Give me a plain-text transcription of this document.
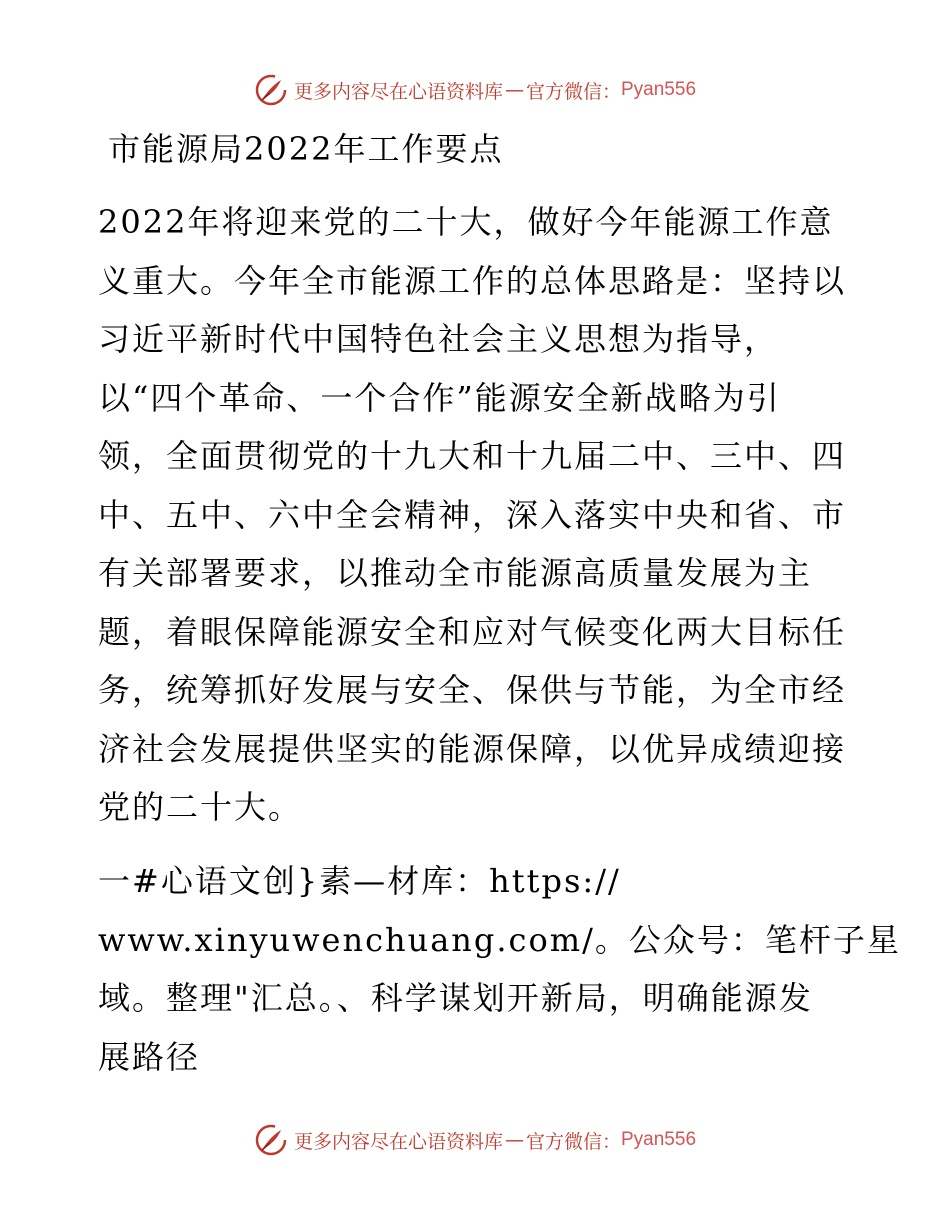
更多内容尽在心语资料库 — 官方微信： Pyan556
市能源局2022年工作要点

2022年将迎来党的二十大，做好今年能源工作意
义重大。今年全市能源工作的总体思路是：坚持以
习近平新时代中国特色社会主义思想为指导，
以“四个革命、一个合作”能源安全新战略为引
领，全面贯彻党的十九大和十九届二中、三中、四
中、五中、六中全会精神，深入落实中央和省、市
有关部署要求，以推动全市能源高质量发展为主
题，着眼保障能源安全和应对气候变化两大目标任
务，统筹抓好发展与安全、保供与节能，为全市经
济社会发展提供坚实的能源保障，以优异成绩迎接
党的二十大。

一#心语文创}素—材库：https://
www.xinyuwenchuang.com/。公众号：笔杆子星
域。整理"汇总。、科学谋划开新局，明确能源发
展路径

更多内容尽在心语资料库 — 官方微信： Pyan556
